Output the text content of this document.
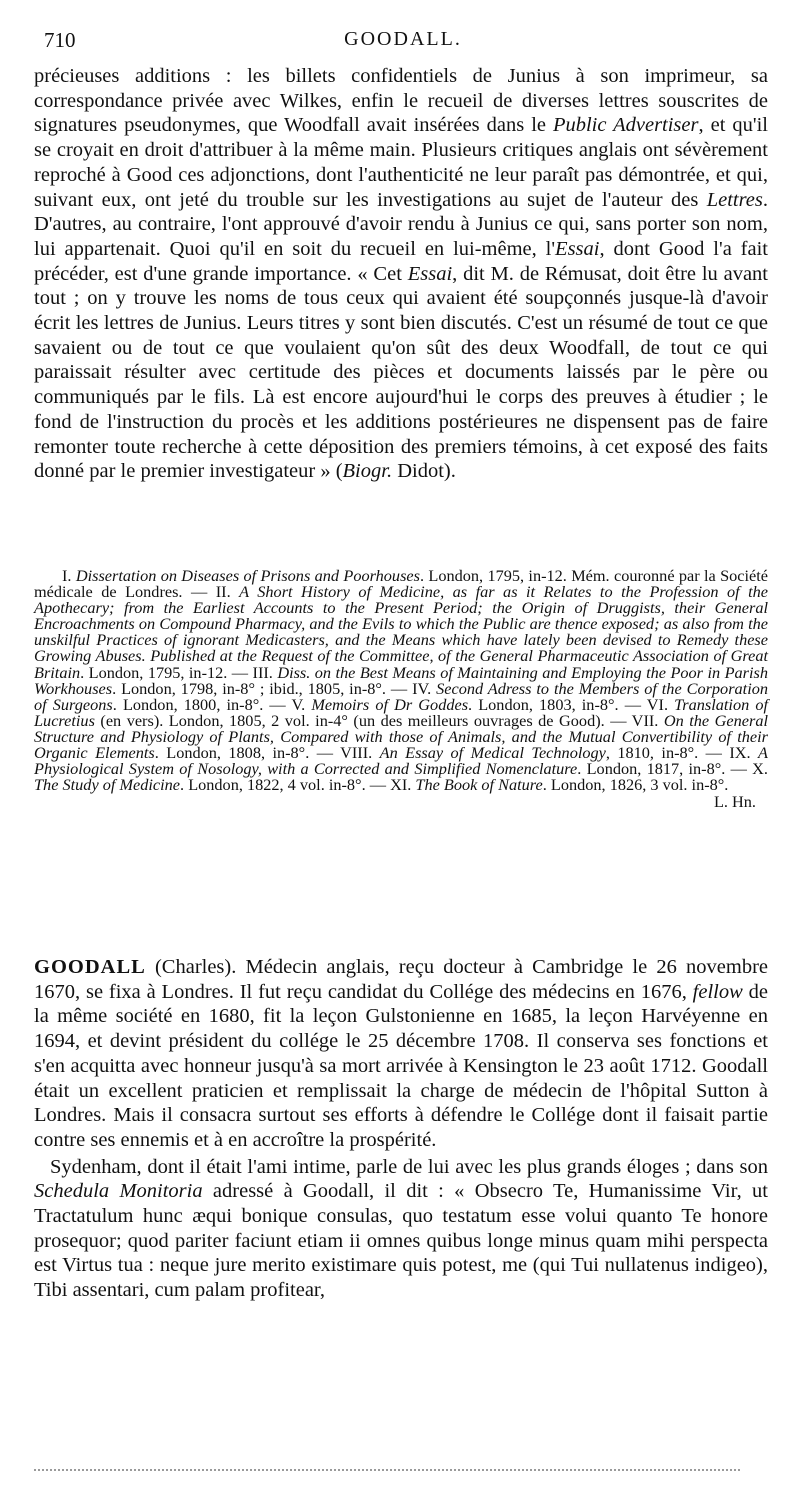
710	GOODALL.

précieuses additions : les billets confidentiels de Junius à son imprimeur, sa correspondance privée avec Wilkes, enfin le recueil de diverses lettres souscrites de signatures pseudonymes, que Woodfall avait insérées dans le Public Advertiser, et qu'il se croyait en droit d'attribuer à la même main. Plusieurs critiques anglais ont sévèrement reproché à Good ces adjonctions, dont l'authenticité ne leur paraît pas démontrée, et qui, suivant eux, ont jeté du trouble sur les investigations au sujet de l'auteur des Lettres. D'autres, au contraire, l'ont approuvé d'avoir rendu à Junius ce qui, sans porter son nom, lui appartenait. Quoi qu'il en soit du recueil en lui-même, l'Essai, dont Good l'a fait précéder, est d'une grande importance. « Cet Essai, dit M. de Rémusat, doit être lu avant tout ; on y trouve les noms de tous ceux qui avaient été soupçonnés jusque-là d'avoir écrit les lettres de Junius. Leurs titres y sont bien discutés. C'est un résumé de tout ce que savaient ou de tout ce que voulaient qu'on sût des deux Woodfall, de tout ce qui paraissait résulter avec certitude des pièces et documents laissés par le père ou communiqués par le fils. Là est encore aujourd'hui le corps des preuves à étudier ; le fond de l'instruction du procès et les additions postérieures ne dispensent pas de faire remonter toute recherche à cette déposition des premiers témoins, à cet exposé des faits donné par le premier investigateur » (Biogr. Didot).

I. Dissertation on Diseases of Prisons and Poorhouses. London, 1795, in-12. Mém. couronné par la Société médicale de Londres. — II. A Short History of Medicine, as far as it Relates to the Profession of the Apothecary; from the Earliest Accounts to the Present Period; the Origin of Druggists, their General Encroachments on Compound Pharmacy, and the Evils to which the Public are thence exposed; as also from the unskilful Practices of ignorant Medicasters, and the Means which have lately been devised to Remedy these Growing Abuses. Published at the Request of the Committee, of the General Pharmaceutic Association of Great Britain. London, 1795, in-12. — III. Diss. on the Best Means of Maintaining and Employing the Poor in Parish Workhouses. London, 1798, in-8° ; ibid., 1805, in-8°. — IV. Second Adress to the Members of the Corporation of Surgeons. London, 1800, in-8°. — V. Memoirs of Dr Goddes. London, 1803, in-8°. — VI. Translation of Lucretius (en vers). London, 1805, 2 vol. in-4° (un des meilleurs ouvrages de Good). — VII. On the General Structure and Physiology of Plants, Compared with those of Animals, and the Mutual Convertibility of their Organic Elements. London, 1808, in-8°. — VIII. An Essay of Medical Technology, 1810, in-8°. — IX. A Physiological System of Nosology, with a Corrected and Simplified Nomenclature. London, 1817, in-8°. — X. The Study of Medicine. London, 1822, 4 vol. in-8°. — XI. The Book of Nature. London, 1826, 3 vol. in-8°.

L. Hn.

GOODALL (Charles). Médecin anglais, reçu docteur à Cambridge le 26 novembre 1670, se fixa à Londres. Il fut reçu candidat du Collége des médecins en 1676, fellow de la même société en 1680, fit la leçon Gulstonienne en 1685, la leçon Harvéyenne en 1694, et devint président du collége le 25 décembre 1708. Il conserva ses fonctions et s'en acquitta avec honneur jusqu'à sa mort arrivée à Kensington le 23 août 1712. Goodall était un excellent praticien et remplissait la charge de médecin de l'hôpital Sutton à Londres. Mais il consacra surtout ses efforts à défendre le Collége dont il faisait partie contre ses ennemis et à en accroître la prospérité.

Sydenham, dont il était l'ami intime, parle de lui avec les plus grands éloges ; dans son Schedula Monitoria adressé à Goodall, il dit : « Obsecro Te, Humanissime Vir, ut Tractatulum hunc æqui bonique consulas, quo testatum esse volui quanto Te honore prosequor; quod pariter faciunt etiam ii omnes quibus longe minus quam mihi perspecta est Virtus tua : neque jure merito existimare quis potest, me (qui Tui nullatenus indigeo), Tibi assentari, cum palam profitear,
